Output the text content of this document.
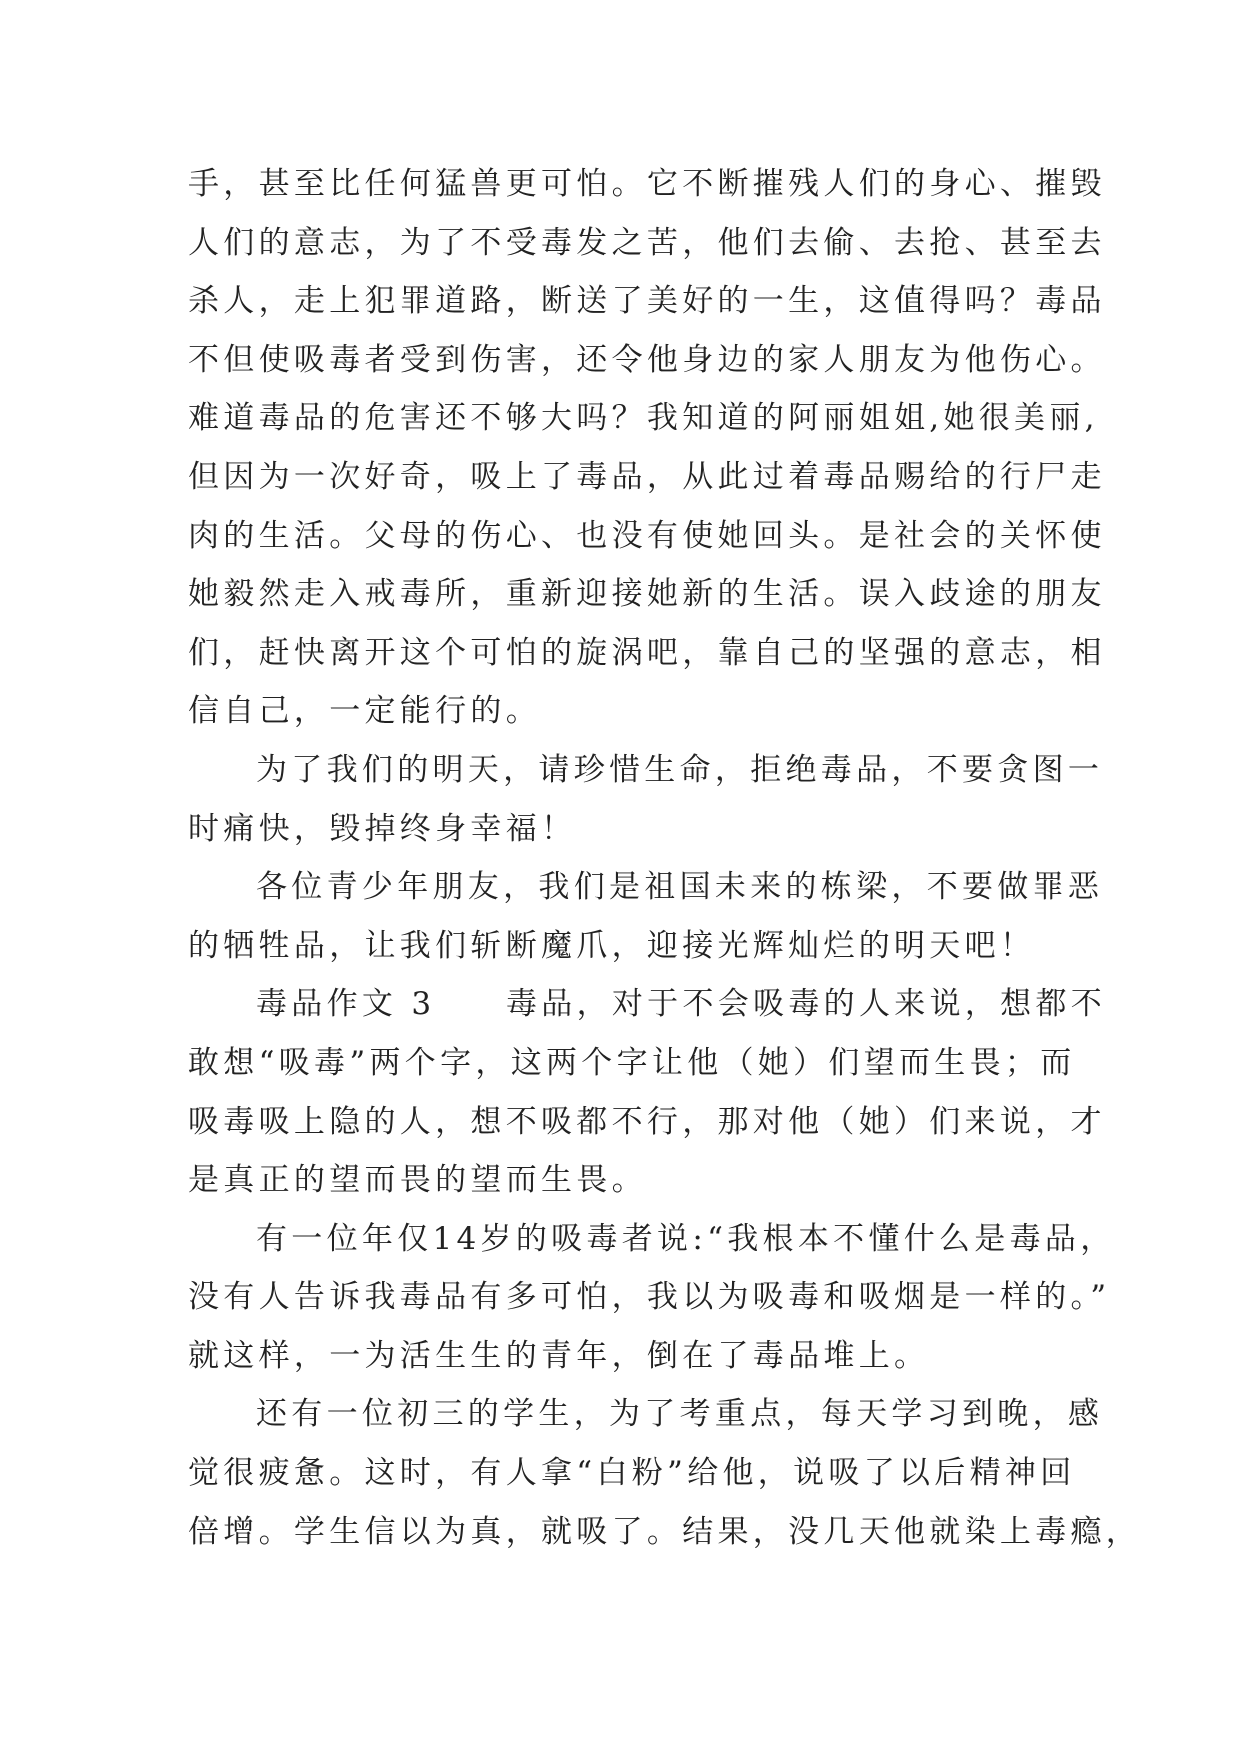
手，甚至比任何猛兽更可怕。它不断摧残人们的身心、摧毁
人们的意志，为了不受毒发之苦，他们去偷、去抢、甚至去
杀人，走上犯罪道路，断送了美好的一生，这值得吗？毒品
不但使吸毒者受到伤害，还令他身边的家人朋友为他伤心。
难道毒品的危害还不够大吗？我知道的阿丽姐姐,她很美丽,
但因为一次好奇，吸上了毒品，从此过着毒品赐给的行尸走
肉的生活。父母的伤心、也没有使她回头。是社会的关怀使
她毅然走入戒毒所，重新迎接她新的生活。误入歧途的朋友
们，赶快离开这个可怕的旋涡吧，靠自己的坚强的意志，相
信自己，一定能行的。
为了我们的明天，请珍惜生命，拒绝毒品，不要贪图一
时痛快，毁掉终身幸福！
各位青少年朋友，我们是祖国未来的栋梁，不要做罪恶
的牺牲品，让我们斩断魔爪，迎接光辉灿烂的明天吧！
毒品作文 3　　毒品，对于不会吸毒的人来说，想都不
敢想“吸毒”两个字，这两个字让他（她）们望而生畏；而
吸毒吸上隐的人，想不吸都不行，那对他（她）们来说，才
是真正的望而畏的望而生畏。
有一位年仅14岁的吸毒者说:“我根本不懂什么是毒品，
没有人告诉我毒品有多可怕，我以为吸毒和吸烟是一样的。”
就这样，一为活生生的青年，倒在了毒品堆上。
还有一位初三的学生，为了考重点，每天学习到晚，感
觉很疲惫。这时，有人拿“白粉”给他，说吸了以后精神回
倍增。学生信以为真，就吸了。结果，没几天他就染上毒瘾，
